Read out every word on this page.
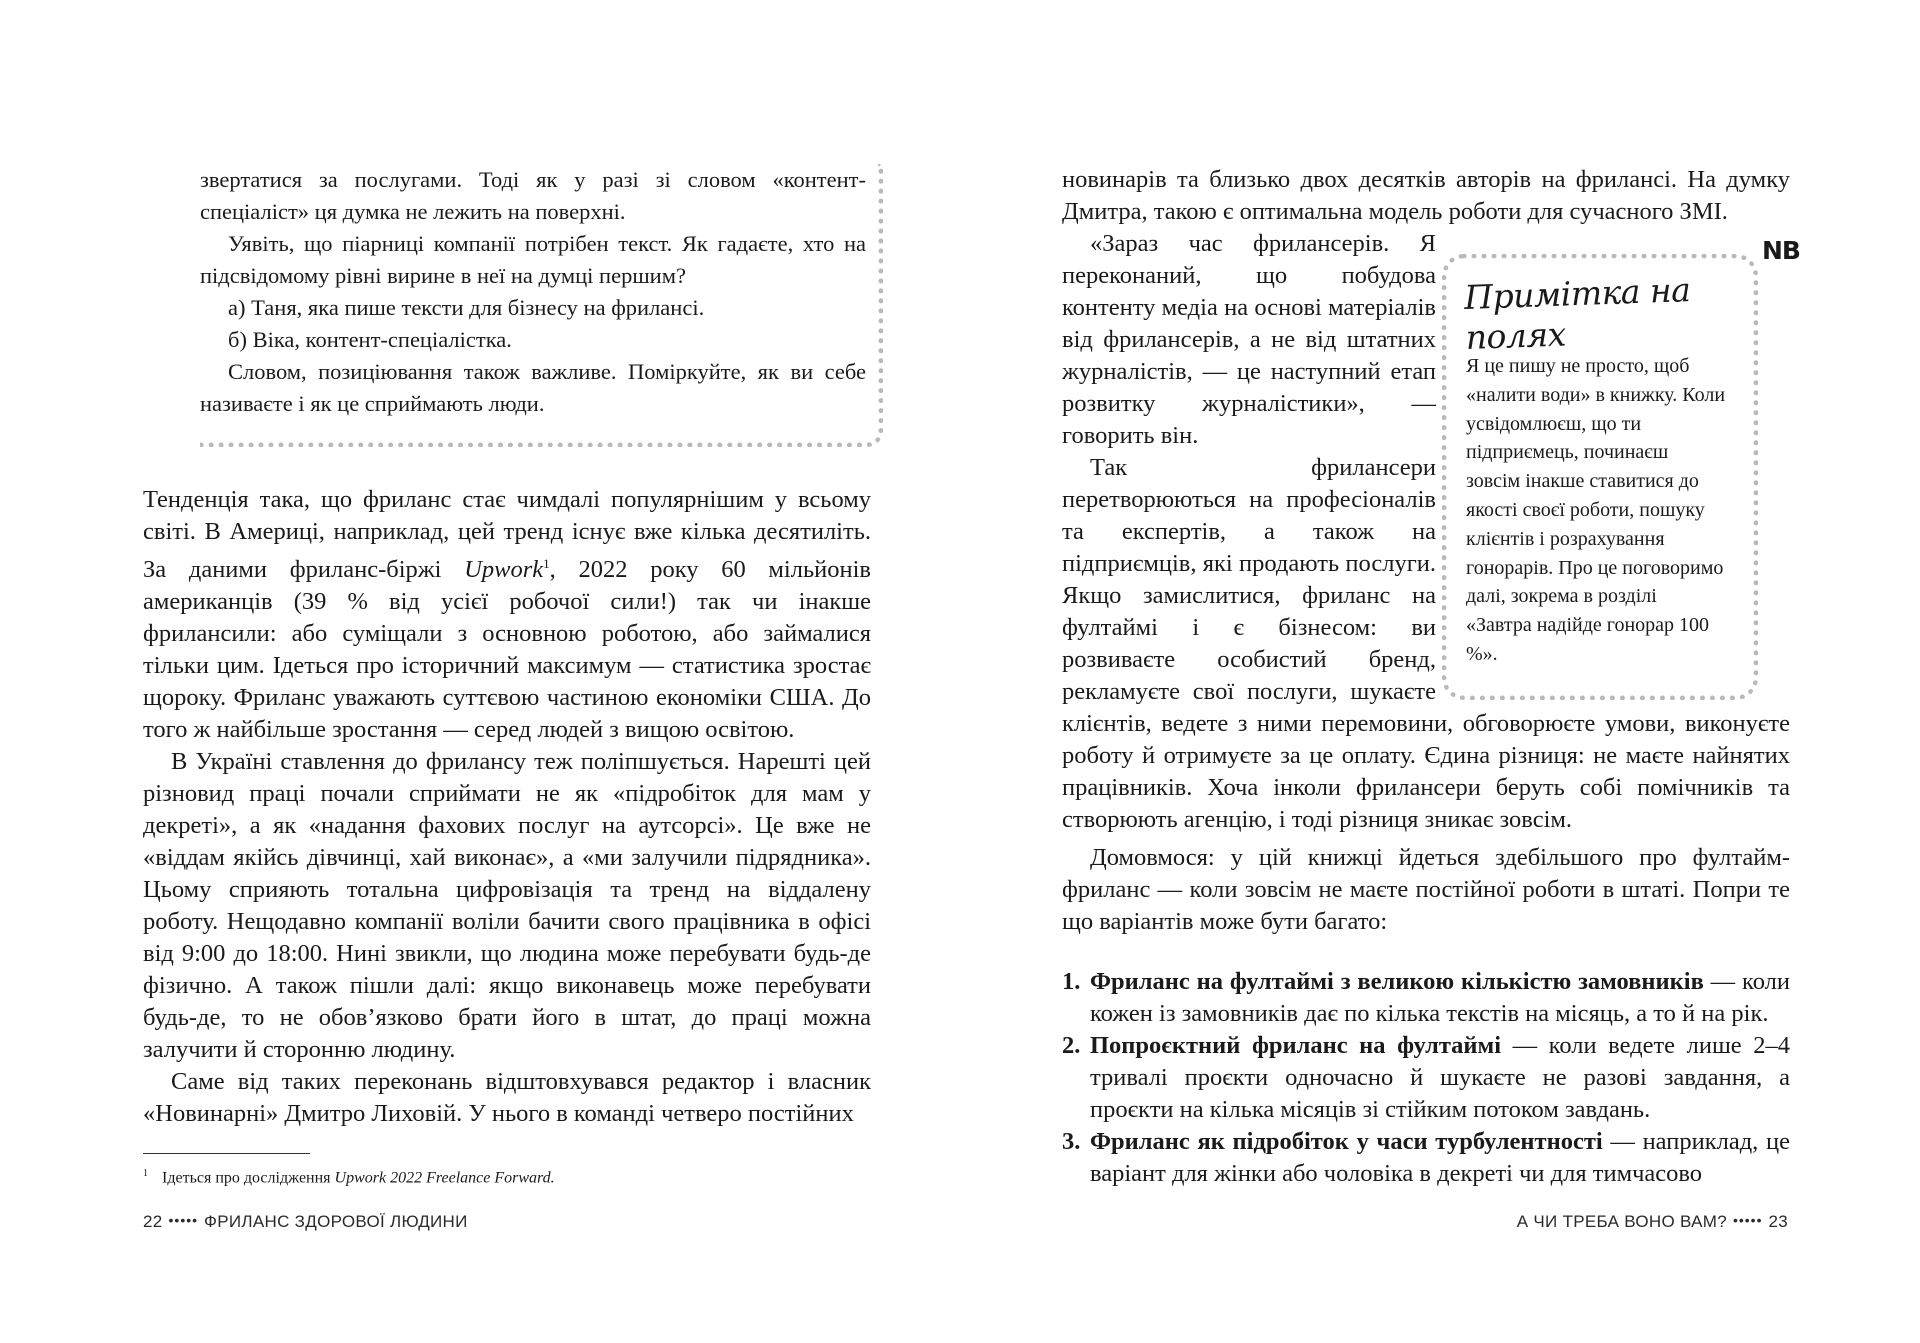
звертатися за послугами. Тоді як у разі зі словом «контент-спеціаліст» ця думка не лежить на поверхні.

Уявіть, що піарниці компанії потрібен текст. Як гадаєте, хто на підсвідомому рівні вирине в неї на думці першим?

а) Таня, яка пише тексти для бізнесу на фрилансі.

б) Віка, контент-спеціалістка.

Словом, позиціювання також важливе. Поміркуйте, як ви себе називаєте і як це сприймають люди.

Тенденція така, що фриланс стає чимдалі популярнішим у всьому світі. В Америці, наприклад, цей тренд існує вже кілька десятиліть. За даними фриланс-біржі Upwork$^1$, 2022 року 60 мільйонів американців (39 % від усієї робочої сили!) так чи інакше фрилансили: або суміщали з основною роботою, або займалися тільки цим. Ідеться про історичний максимум — статистика зростає щороку. Фриланс уважають суттєвою частиною економіки США. До того ж найбільше зростання — серед людей з вищою освітою.

В Україні ставлення до фрилансу теж поліпшується. Нарешті цей різновид праці почали сприймати не як «підробіток для мам у декреті», а як «надання фахових послуг на аутсорсі». Це вже не «віддам якійсь дівчинці, хай виконає», а «ми залучили підрядника». Цьому сприяють тотальна цифровізація та тренд на віддалену роботу. Нещодавно компанії воліли бачити свого працівника в офісі від 9:00 до 18:00. Нині звикли, що людина може перебувати будь-де фізично. А також пішли далі: якщо виконавець може перебувати будь-де, то не обов’язково брати його в штат, до праці можна залучити й сторонню людину.

Саме від таких переконань відштовхувався редактор і власник «Новинарні» Дмитро Лиховій. У нього в команді четверо постійних

$^1$ Ідеться про дослідження Upwork 2022 Freelance Forward.
22 ••••• ФРИЛАНС ЗДОРОВОЇ ЛЮДИНИ

новинарів та близько двох десятків авторів на фрилансі. На думку Дмитра, такою є оптимальна модель роботи для сучасного ЗМІ.

«Зараз час фрилансерів. Я переконаний, що побудова контенту медіа на основі матеріалів від фрилансерів, а не від штатних журналістів, — це наступний етап розвитку журналістики», — говорить він.

Так фрилансери перетворюються на професіоналів та експертів, а також на підприємців, які продають послуги. Якщо замислитися, фриланс на фултаймі і є бізнесом: ви розвиваєте особистий бренд, рекламуєте свої послуги, шукаєте клієнтів, ведете з ними перемовини, обговорюєте умови, виконуєте роботу й отримуєте за це оплату. Єдина різниця: не маєте найнятих працівників. Хоча інколи фрилансери беруть собі помічників та створюють агенцію, і тоді різниця зникає зовсім.

Домовмося: у цій книжці йдеться здебільшого про фултайм-фриланс — коли зовсім не маєте постійної роботи в штаті. Попри те що варіантів може бути багато:

NB
Примітка на полях
Я це пишу не просто, щоб «налити води» в книжку. Коли усвідомлюєш, що ти підприємець, починаєш зовсім інакше ставитися до якості своєї роботи, пошуку клієнтів і розрахування гонорарів. Про це поговоримо далі, зокрема в розділі «Завтра надійде гонорар 100 %».
1. Фриланс на фултаймі з великою кількістю замовників — коли кожен із замовників дає по кілька текстів на місяць, а то й на рік.
2. Попроєктний фриланс на фултаймі — коли ведете лише 2–4 тривалі проєкти одночасно й шукаєте не разові завдання, а проєкти на кілька місяців зі стійким потоком завдань.
3. Фриланс як підробіток у часи турбулентності — наприклад, це варіант для жінки або чоловіка в декреті чи для тимчасово
А ЧИ ТРЕБА ВОНО ВАМ? ••••• 23
